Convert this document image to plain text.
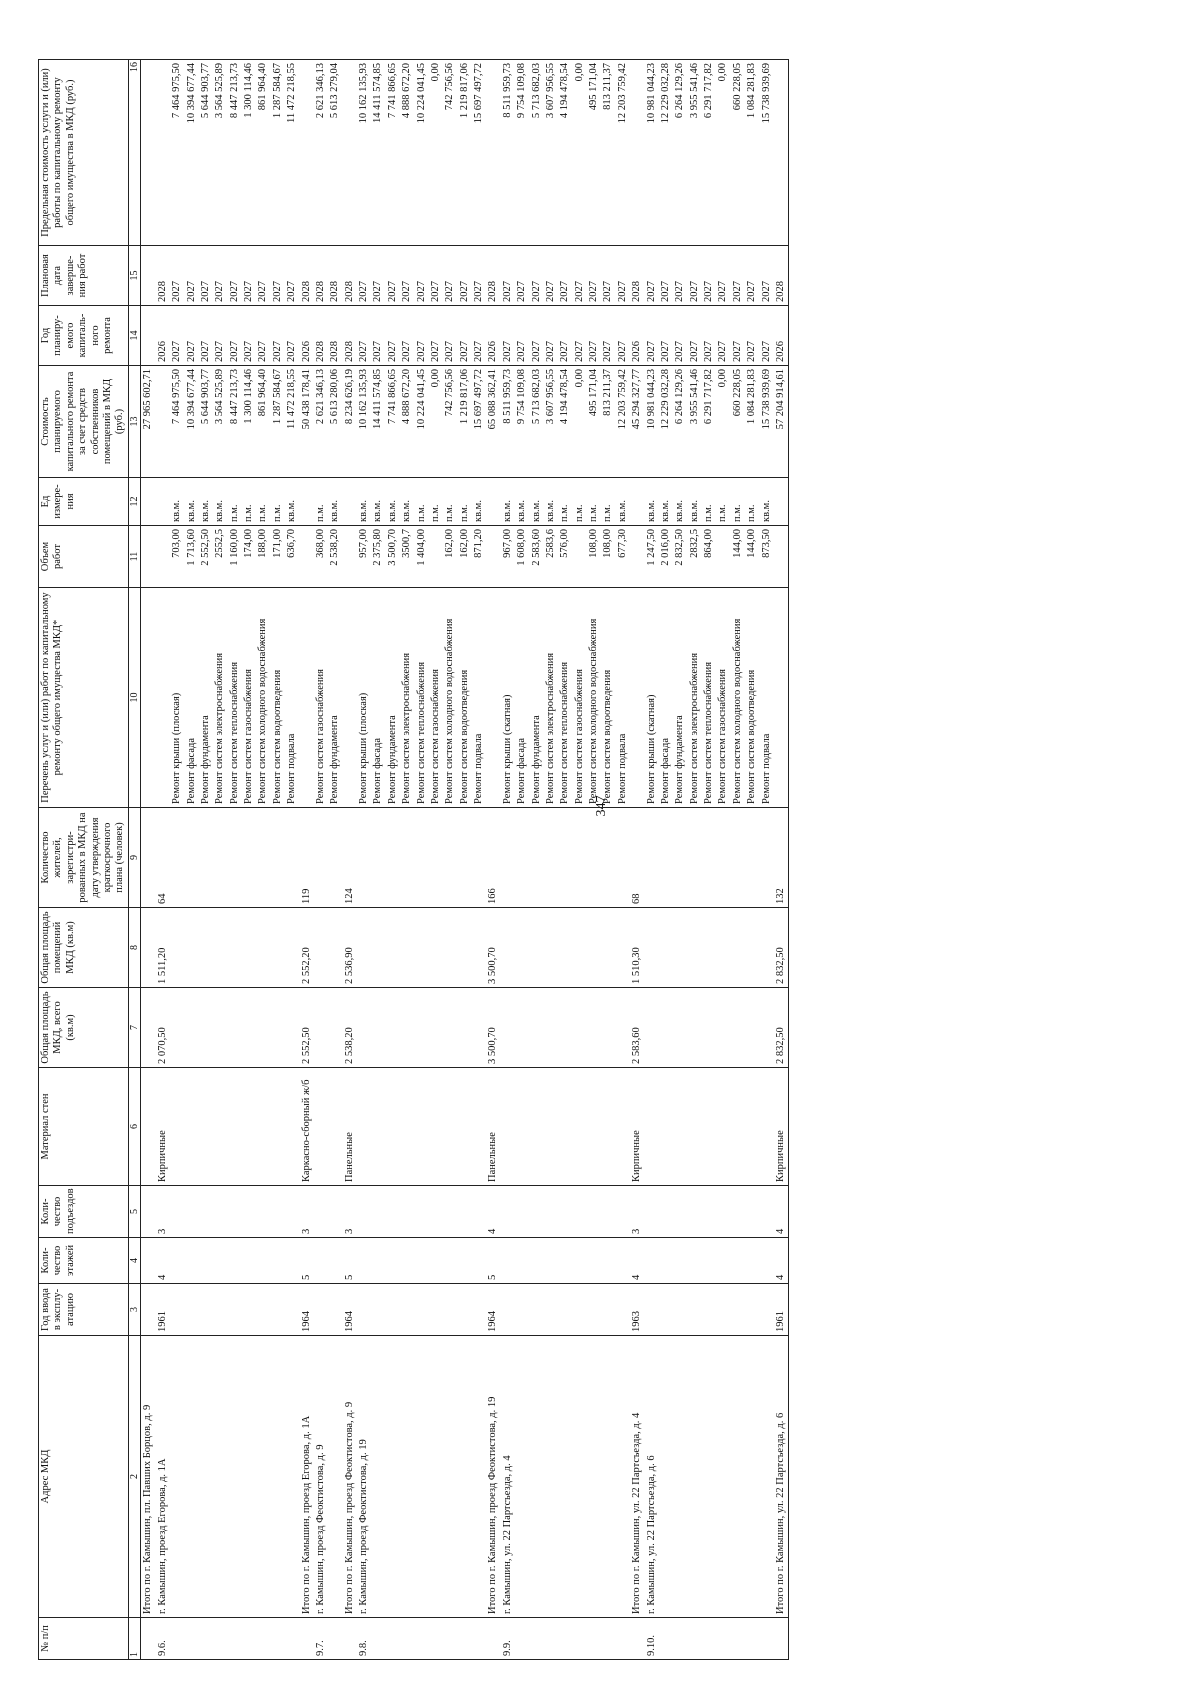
347
№ п/п	Адрес МКД	Год ввода в эксплу-атацию	Коли-чество этажей	Коли-чество подъездов	Материал стен	Общая площадь МКД, всего (кв.м)	Общая площадь помещений МКД (кв.м)	Количество жителей, зарегистри-рованных в МКД на дату утверждения краткосрочного плана (человек)	Перечень услуг и (или) работ по капитальному ремонту общего имущества МКД*	Объем работ	Ед измере-ния	Стоимость планируемого капитального ремонта за счет средств собственников помещений в МКД (руб.)	Год планиру-емого капиталь-ного ремонта	Плановая дата заверше-ния работ	Предельная стоимость услуги и (или) работы по капитальному ремонту общего имущества в МКД (руб.)
1	2	3	4	5	6	7	8	9	10	11	12	13	14	15	16
	Итого по г. Камышин, пл. Павших Борцов, д. 9											27 965 602,71			
9.6.	г. Камышин, проезд Егорова, д. 1А	1961	4	3	Кирпичные	2 070,50	1 511,20	64					2026	2028	
									Ремонт крыши (плоская)	703,00	кв.м.	7 464 975,50	2027	2027	7 464 975,50
									Ремонт фасада	1 713,60	кв.м.	10 394 677,44	2027	2027	10 394 677,44
									Ремонт фундамента	2 552,50	кв.м.	5 644 903,77	2027	2027	5 644 903,77
									Ремонт систем электроснабжения	2552,5	кв.м.	3 564 525,89	2027	2027	3 564 525,89
									Ремонт систем теплоснабжения	1 160,00	п.м.	8 447 213,73	2027	2027	8 447 213,73
									Ремонт систем газоснабжения	174,00	п.м.	1 300 114,46	2027	2027	1 300 114,46
									Ремонт систем холодного водоснабжения	188,00	п.м.	861 964,40	2027	2027	861 964,40
									Ремонт систем водоотведения	171,00	п.м.	1 287 584,67	2027	2027	1 287 584,67
									Ремонт подвала	636,70	кв.м.	11 472 218,55	2027	2027	11 472 218,55
	Итого по г. Камышин, проезд Егорова, д. 1А	1964	5	3	Каркасно-сборный ж/б	2 552,50	2 552,20	119				50 438 178,41	2026	2028	
9.7.	г. Камышин, проезд Феоктистова, д. 9								Ремонт систем газоснабжения	368,00	п.м.	2 621 346,13	2028	2028	2 621 346,13
									Ремонт фундамента	2 538,20	кв.м.	5 613 280,06	2028	2028	5 613 279,04
	Итого по г. Камышин, проезд Феоктистова, д. 9	1964	5	3	Панельные	2 538,20	2 536,90	124				8 234 626,19	2028	2028	
9.8.	г. Камышин, проезд Феоктистова, д. 19								Ремонт крыши (плоская)	957,00	кв.м.	10 162 135,93	2027	2027	10 162 135,93
									Ремонт фасада	2 375,80	кв.м.	14 411 574,85	2027	2027	14 411 574,85
									Ремонт фундамента	3 500,70	кв.м.	7 741 866,65	2027	2027	7 741 866,65
									Ремонт систем электроснабжения	3500,7	кв.м.	4 888 672,20	2027	2027	4 888 672,20
									Ремонт систем теплоснабжения	1 404,00	п.м.	10 224 041,45	2027	2027	10 224 041,45
									Ремонт систем газоснабжения		п.м.	0,00	2027	2027	0,00
									Ремонт систем холодного водоснабжения	162,00	п.м.	742 756,56	2027	2027	742 756,56
									Ремонт систем водоотведения	162,00	п.м.	1 219 817,06	2027	2027	1 219 817,06
									Ремонт подвала	871,20	кв.м.	15 697 497,72	2027	2027	15 697 497,72
	Итого по г. Камышин, проезд Феоктистова, д. 19	1964	5	4	Панельные	3 500,70	3 500,70	166				65 088 362,41	2026	2028	
9.9.	г. Камышин, ул. 22 Партсъезда, д. 4								Ремонт крыши (скатная)	967,00	кв.м.	8 511 959,73	2027	2027	8 511 959,73
									Ремонт фасада	1 608,00	кв.м.	9 754 109,08	2027	2027	9 754 109,08
									Ремонт фундамента	2 583,60	кв.м.	5 713 682,03	2027	2027	5 713 682,03
									Ремонт систем электроснабжения	2583,6	кв.м.	3 607 956,55	2027	2027	3 607 956,55
									Ремонт систем теплоснабжения	576,00	п.м.	4 194 478,54	2027	2027	4 194 478,54
									Ремонт систем газоснабжения		п.м.	0,00	2027	2027	0,00
									Ремонт систем холодного водоснабжения	108,00	п.м.	495 171,04	2027	2027	495 171,04
									Ремонт систем водоотведения	108,00	п.м.	813 211,37	2027	2027	813 211,37
									Ремонт подвала	677,30	кв.м.	12 203 759,42	2027	2027	12 203 759,42
	Итого по г. Камышин, ул. 22 Партсъезда, д. 4	1963	4	3	Кирпичные	2 583,60	1 510,30	68				45 294 327,77	2026	2028	
9.10.	г. Камышин, ул. 22 Партсъезда, д. 6								Ремонт крыши (скатная)	1 247,50	кв.м.	10 981 044,23	2027	2027	10 981 044,23
									Ремонт фасада	2 016,00	кв.м.	12 229 032,28	2027	2027	12 229 032,28
									Ремонт фундамента	2 832,50	кв.м.	6 264 129,26	2027	2027	6 264 129,26
									Ремонт систем электроснабжения	2832,5	кв.м.	3 955 541,46	2027	2027	3 955 541,46
									Ремонт систем теплоснабжения	864,00	п.м.	6 291 717,82	2027	2027	6 291 717,82
									Ремонт систем газоснабжения		п.м.	0,00	2027	2027	0,00
									Ремонт систем холодного водоснабжения	144,00	п.м.	660 228,05	2027	2027	660 228,05
									Ремонт систем водоотведения	144,00	п.м.	1 084 281,83	2027	2027	1 084 281,83
									Ремонт подвала	873,50	кв.м.	15 738 939,69	2027	2027	15 738 939,69
	Итого по г. Камышин, ул. 22 Партсъезда, д. 6	1961	4	4	Кирпичные	2 832,50	2 832,50	132				57 204 914,61	2026	2028	
